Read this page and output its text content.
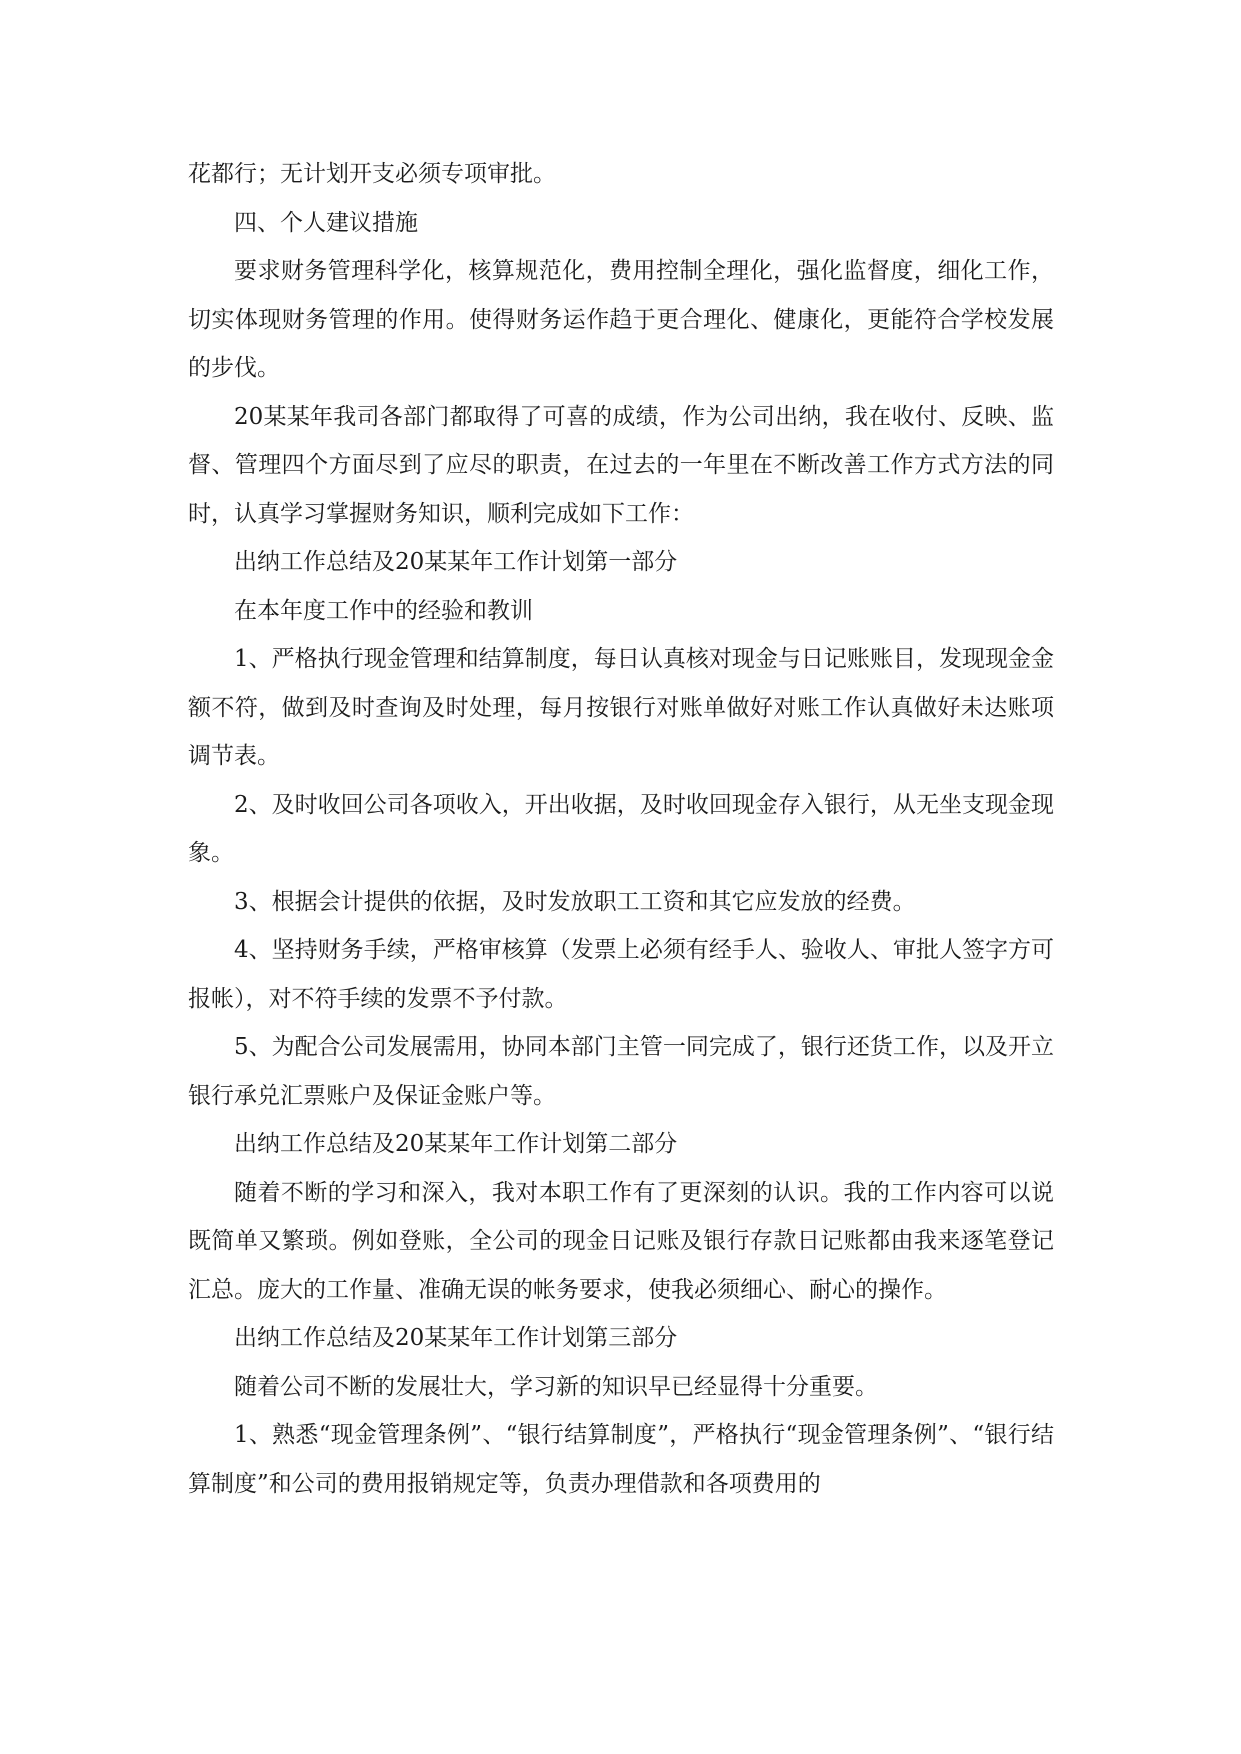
花都行；无计划开支必须专项审批。

四、个人建议措施

要求财务管理科学化，核算规范化，费用控制全理化，强化监督度，细化工作，切实体现财务管理的作用。使得财务运作趋于更合理化、健康化，更能符合学校发展的步伐。

20某某年我司各部门都取得了可喜的成绩，作为公司出纳，我在收付、反映、监督、管理四个方面尽到了应尽的职责，在过去的一年里在不断改善工作方式方法的同时，认真学习掌握财务知识，顺利完成如下工作：

出纳工作总结及20某某年工作计划第一部分

在本年度工作中的经验和教训

1、严格执行现金管理和结算制度，每日认真核对现金与日记账账目，发现现金金额不符，做到及时查询及时处理，每月按银行对账单做好对账工作认真做好未达账项调节表。

2、及时收回公司各项收入，开出收据，及时收回现金存入银行，从无坐支现金现象。

3、根据会计提供的依据，及时发放职工工资和其它应发放的经费。

4、坚持财务手续，严格审核算（发票上必须有经手人、验收人、审批人签字方可报帐），对不符手续的发票不予付款。

5、为配合公司发展需用，协同本部门主管一同完成了，银行还货工作，以及开立银行承兑汇票账户及保证金账户等。

出纳工作总结及20某某年工作计划第二部分

随着不断的学习和深入，我对本职工作有了更深刻的认识。我的工作内容可以说既简单又繁琐。例如登账，全公司的现金日记账及银行存款日记账都由我来逐笔登记汇总。庞大的工作量、准确无误的帐务要求，使我必须细心、耐心的操作。

出纳工作总结及20某某年工作计划第三部分

随着公司不断的发展壮大，学习新的知识早已经显得十分重要。

1、熟悉“现金管理条例”、“银行结算制度”，严格执行“现金管理条例”、“银行结算制度”和公司的费用报销规定等，负责办理借款和各项费用的
